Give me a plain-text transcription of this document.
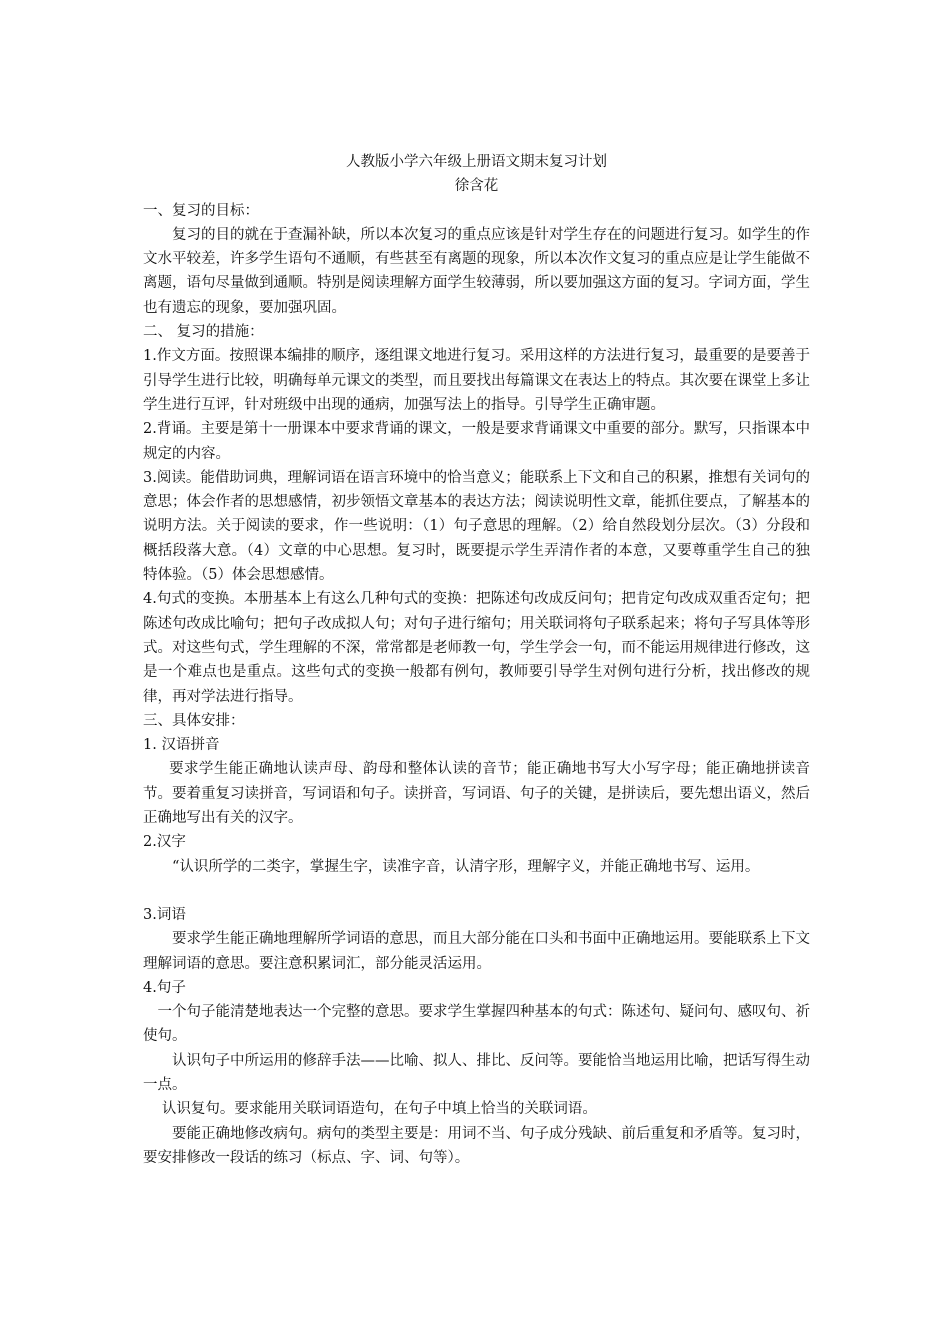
人教版小学六年级上册语文期末复习计划

徐含花

一、复习的目标：

复习的目的就在于查漏补缺，所以本次复习的重点应该是针对学生存在的问题进行复习。如学生的作文水平较差，许多学生语句不通顺，有些甚至有离题的现象，所以本次作文复习的重点应是让学生能做不离题，语句尽量做到通顺。特别是阅读理解方面学生较薄弱，所以要加强这方面的复习。字词方面，学生也有遗忘的现象，要加强巩固。

二、 复习的措施：

1.作文方面。按照课本编排的顺序，逐组课文地进行复习。采用这样的方法进行复习，最重要的是要善于引导学生进行比较，明确每单元课文的类型，而且要找出每篇课文在表达上的特点。其次要在课堂上多让学生进行互评，针对班级中出现的通病，加强写法上的指导。引导学生正确审题。

2.背诵。主要是第十一册课本中要求背诵的课文，一般是要求背诵课文中重要的部分。默写，只指课本中规定的内容。

3.阅读。能借助词典，理解词语在语言环境中的恰当意义；能联系上下文和自己的积累，推想有关词句的意思；体会作者的思想感情，初步领悟文章基本的表达方法；阅读说明性文章，能抓住要点，了解基本的说明方法。关于阅读的要求，作一些说明：（1）句子意思的理解。（2）给自然段划分层次。（3）分段和概括段落大意。（4）文章的中心思想。复习时，既要提示学生弄清作者的本意，又要尊重学生自己的独特体验。（5）体会思想感情。

4.句式的变换。本册基本上有这么几种句式的变换：把陈述句改成反问句；把肯定句改成双重否定句；把陈述句改成比喻句；把句子改成拟人句；对句子进行缩句；用关联词将句子联系起来；将句子写具体等形式。对这些句式，学生理解的不深，常常都是老师教一句，学生学会一句，而不能运用规律进行修改，这是一个难点也是重点。这些句式的变换一般都有例句，教师要引导学生对例句进行分析，找出修改的规律，再对学法进行指导。

三、具体安排：

1. 汉语拼音

要求学生能正确地认读声母、韵母和整体认读的音节；能正确地书写大小写字母；能正确地拼读音节。要着重复习读拼音，写词语和句子。读拼音，写词语、句子的关键，是拼读后，要先想出语义，然后正确地写出有关的汉字。

2.汉字

“认识所学的二类字，掌握生字，读准字音，认清字形，理解字义，并能正确地书写、运用。

3.词语

要求学生能正确地理解所学词语的意思，而且大部分能在口头和书面中正确地运用。要能联系上下文理解词语的意思。要注意积累词汇，部分能灵活运用。

4.句子

一个句子能清楚地表达一个完整的意思。要求学生掌握四种基本的句式：陈述句、疑问句、感叹句、祈使句。

认识句子中所运用的修辞手法——比喻、拟人、排比、反问等。要能恰当地运用比喻，把话写得生动一点。

认识复句。要求能用关联词语造句，在句子中填上恰当的关联词语。

要能正确地修改病句。病句的类型主要是：用词不当、句子成分残缺、前后重复和矛盾等。复习时，要安排修改一段话的练习（标点、字、词、句等）。
